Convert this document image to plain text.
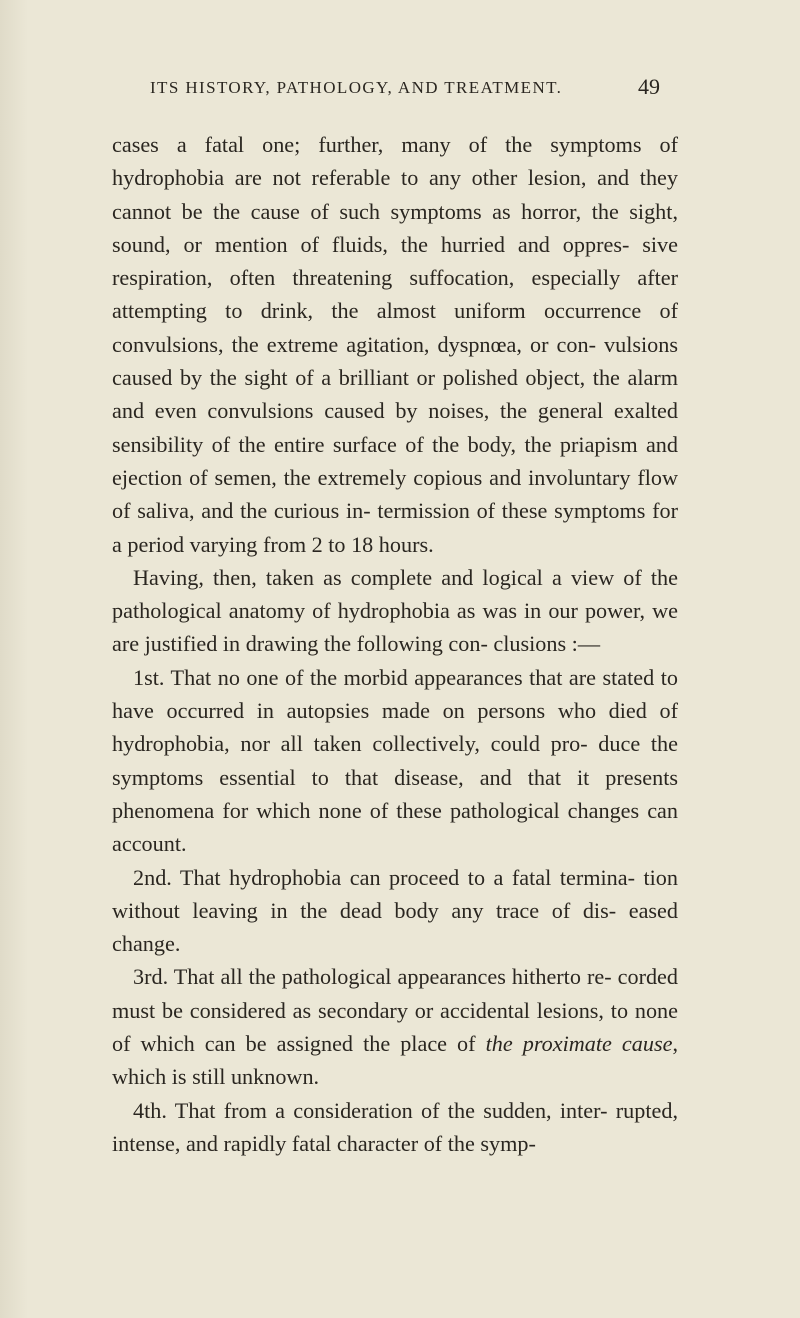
ITS HISTORY, PATHOLOGY, AND TREATMENT.	49

cases a fatal one; further, many of the symptoms of hydrophobia are not referable to any other lesion, and they cannot be the cause of such symptoms as horror, the sight, sound, or mention of fluids, the hurried and oppres- sive respiration, often threatening suffocation, especially after attempting to drink, the almost uniform occurrence of convulsions, the extreme agitation, dyspnœa, or con- vulsions caused by the sight of a brilliant or polished object, the alarm and even convulsions caused by noises, the general exalted sensibility of the entire surface of the body, the priapism and ejection of semen, the extremely copious and involuntary flow of saliva, and the curious in- termission of these symptoms for a period varying from 2 to 18 hours.

Having, then, taken as complete and logical a view of the pathological anatomy of hydrophobia as was in our power, we are justified in drawing the following con- clusions :—

1st. That no one of the morbid appearances that are stated to have occurred in autopsies made on persons who died of hydrophobia, nor all taken collectively, could pro- duce the symptoms essential to that disease, and that it presents phenomena for which none of these pathological changes can account.

2nd. That hydrophobia can proceed to a fatal termina- tion without leaving in the dead body any trace of dis- eased change.

3rd. That all the pathological appearances hitherto re- corded must be considered as secondary or accidental lesions, to none of which can be assigned the place of the proximate cause, which is still unknown.

4th. That from a consideration of the sudden, inter- rupted, intense, and rapidly fatal character of the symp-
